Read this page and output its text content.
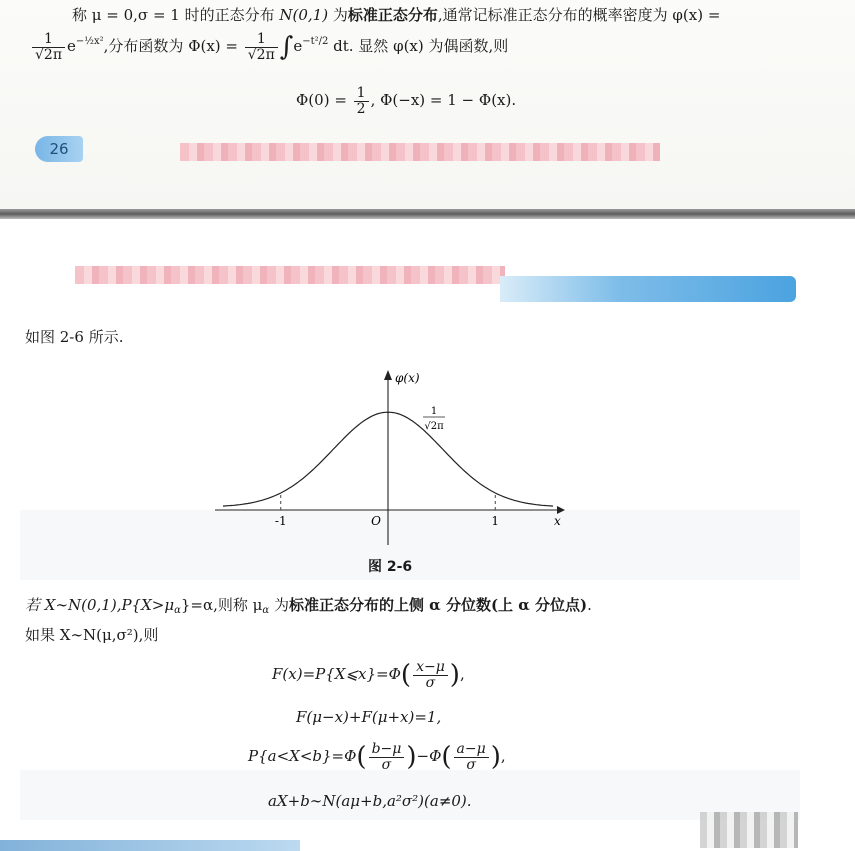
称 μ = 0,σ = 1 时的正态分布 N(0,1) 为标准正态分布,通常记标准正态分布的概率密度为 φ(x) =
$\frac{1}{√2\pi} e^{-\frac{1}{2}x^2}$,分布函数为 $\Phi(x) = \frac{1}{√2\pi} \int e^{-t^2/2}$ dt. 显然 φ(x) 为偶函数,则
$\Phi(0) = \frac{1}{2}$ , Φ(−x) = 1 − Φ(x).
26
如图 2-6 所示.
-1	1
O	x
φ(x)
1
√2π
图 2-6
若 $X\sim N(0,1),P\{X>\mu_\alpha\}=\alpha$,则称 $\mu_\alpha$ 为标准正态分布的上侧 α 分位数(上 α 分位点).
如果 X∼N(μ,σ²),则
F(x)=P{X⩽x}=Φ( $\frac{x-\mu}{\sigma}$ ),
F(μ−x)+F(μ+x)=1,
$P\{a<X<b\}=\Phi( \frac{b-\mu}{\sigma} )-\Phi( \frac{a-\mu}{\sigma}$ ),
aX+b∼N(aμ+b,a²σ²)(a≠0).
